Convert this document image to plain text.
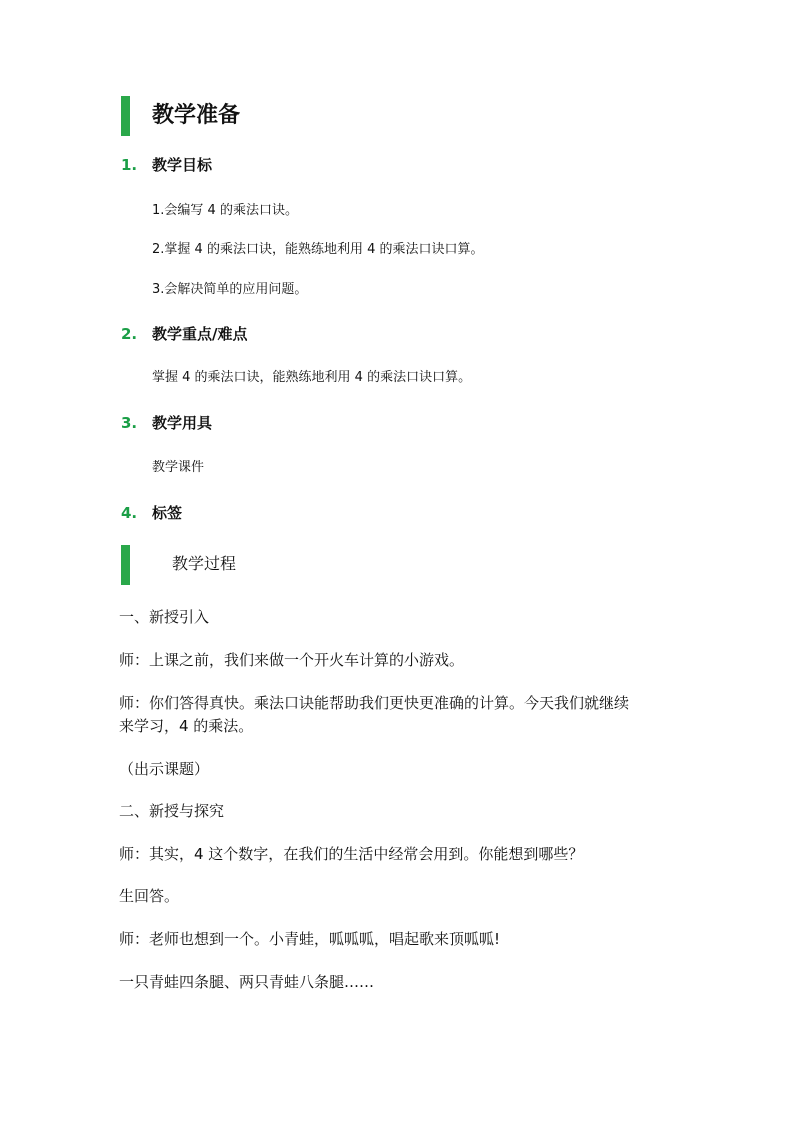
教学准备
1. 教学目标
1.会编写 4 的乘法口诀。
2.掌握 4 的乘法口诀，能熟练地利用 4 的乘法口诀口算。
3.会解决简单的应用问题。
2. 教学重点/难点
掌握 4 的乘法口诀，能熟练地利用 4 的乘法口诀口算。
3. 教学用具
教学课件
4. 标签
教学过程
一、新授引入
师：上课之前，我们来做一个开火车计算的小游戏。
师：你们答得真快。乘法口诀能帮助我们更快更准确的计算。今天我们就继续
来学习，4 的乘法。
（出示课题）
二、新授与探究
师：其实，4 这个数字，在我们的生活中经常会用到。你能想到哪些？
生回答。
师：老师也想到一个。小青蛙，呱呱呱，唱起歌来顶呱呱!
一只青蛙四条腿、两只青蛙八条腿……
